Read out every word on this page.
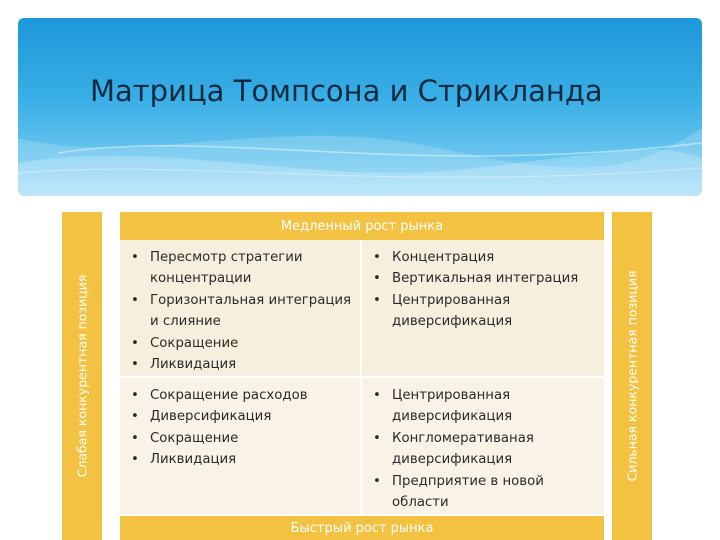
Матрица Томпсона и Стрикланда
Слабая конкурентная позиция	Сильная конкурентная позиция
Медленный рост рынка
• Пересмотр стратегии концентрации
• Горизонтальная интеграция и слияние
• Сокращение
• Ликвидация
• Концентрация
• Вертикальная интеграция
• Центрированная диверсификация
• Сокращение расходов
• Диверсификация
• Сокращение
• Ликвидация
• Центрированная диверсификация
• Конгломеративаная диверсификация
• Предприятие в новой области
Быстрый рост рынка
